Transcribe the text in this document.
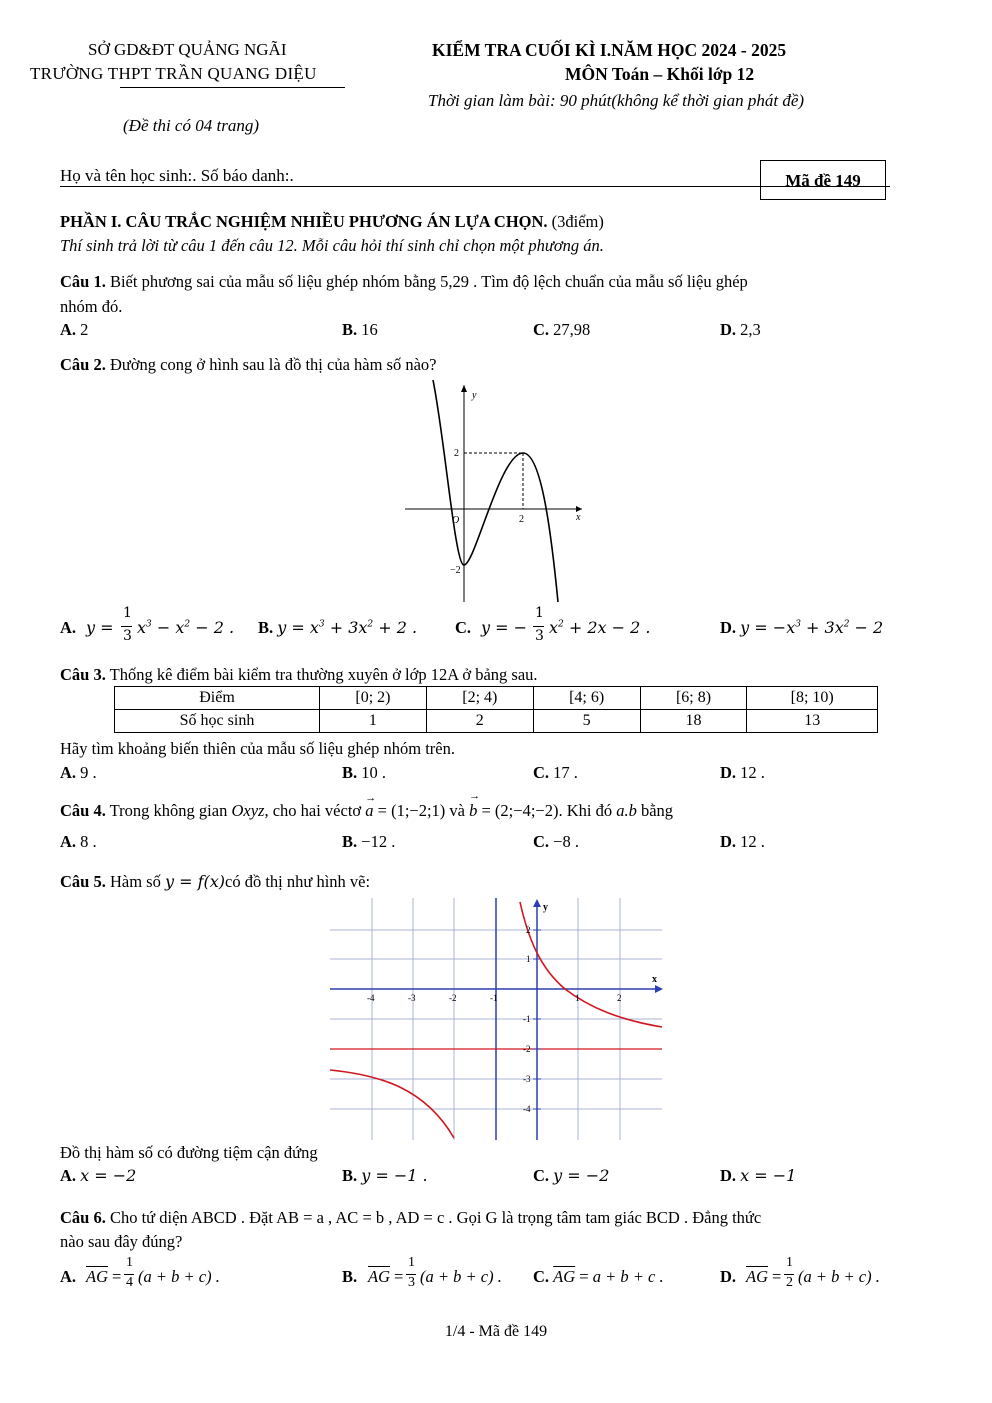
SỞ GD&ĐT QUẢNG NGÃI
TRƯỜNG THPT TRẦN QUANG DIỆU
KIỂM TRA CUỐI KÌ I.NĂM HỌC 2024 - 2025
MÔN Toán – Khối lớp 12
Thời gian làm bài: 90 phút(không kể thời gian phát đề)
(Đề thi có 04 trang)
Họ và tên học sinh:. Số báo danh:.	Mã đề 149
PHẦN I. CÂU TRẮC NGHIỆM NHIỀU PHƯƠNG ÁN LỰA CHỌN. (3điểm)
Thí sinh trả lời từ câu 1 đến câu 12. Mỗi câu hỏi thí sinh chỉ chọn một phương án.
Câu 1. Biết phương sai của mẫu số liệu ghép nhóm bằng 5,29 . Tìm độ lệch chuẩn của mẫu số liệu ghép
nhóm đó.
A. 2	B. 16	C. 27,98	D. 2,3
Câu 2. Đường cong ở hình sau là đồ thị của hàm số nào?
y
x
O
2
2
−2
A. y =
1
3 $x^3 - x^2 - 2$ . B. $y = x^3 + 3x^2 + 2$ . C. y = −
1
3 $x^2 + 2x - 2$ .	D. $y = -x^3 + 3x^2 - 2$
Câu 3. Thống kê điểm bài kiểm tra thường xuyên ở lớp 12A ở bảng sau.
Điểm	[0; 2)	[2; 4)	[4; 6)	[6; 8)	[8; 10)
Số học sinh	1	2	5	18	13
Hãy tìm khoảng biến thiên của mẫu số liệu ghép nhóm trên.
A. 9 .	B. 10 .	C. 17 .	D. 12 .
Câu 4. Trong không gian Oxyz, cho hai véctơ a
→
= (1;−2;1) và b
→
= (2;−4;−2). Khi đó a.b bằng
A. 8 .	B. −12 .	C. −8 .	D. 12 .
Câu 5. Hàm số y = f(x)có đồ thị như hình vẽ:
y
x
-4	-3	-2	-1	1	2
2
1
-1
-2
-3
-4
Đồ thị hàm số có đường tiệm cận đứng
A. x = −2	B. y = −1 .	C. y = −2	D. x = −1
Câu 6. Cho tứ diện ABCD . Đặt AB = a , AC = b , AD = c . Gọi G là trọng tâm tam giác BCD . Đẳng thức
nào sau đây đúng?
A. $\overline{AG}$ =
1
4 (a + b + c) .	B. $\overline{AG}$ =
1
3 (a + b + c) . C. $\overline{AG} = a + b + c$ .	D. $\overline{AG}$ =
1
2 (a + b + c) .
1/4 - Mã đề 149
